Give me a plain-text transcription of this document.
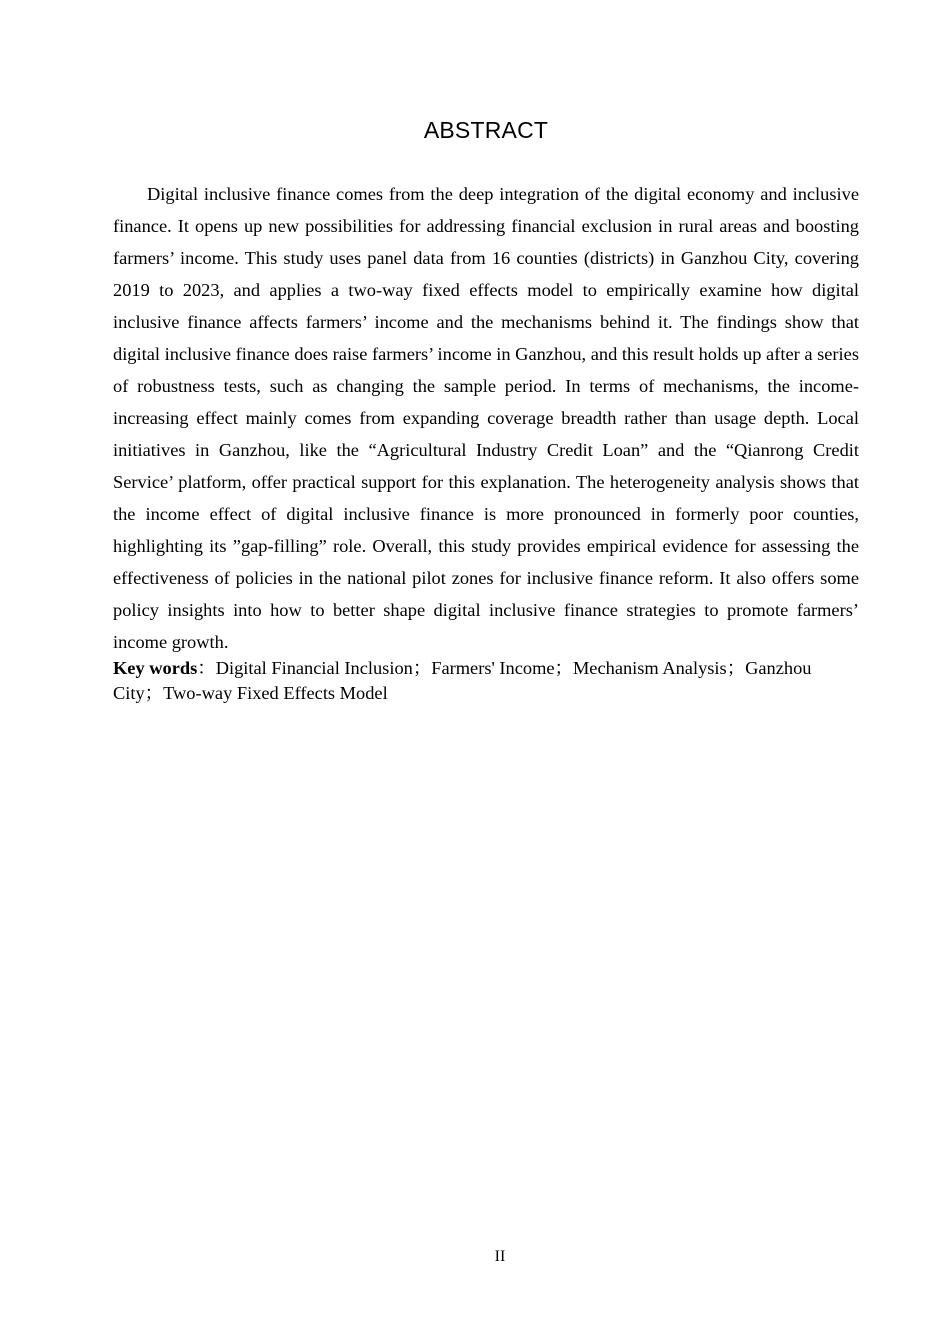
ABSTRACT

Digital inclusive finance comes from the deep integration of the digital economy and inclusive finance. It opens up new possibilities for addressing financial exclusion in rural areas and boosting farmers’ income. This study uses panel data from 16 counties (districts) in Ganzhou City, covering 2019 to 2023, and applies a two-way fixed effects model to empirically examine how digital inclusive finance affects farmers’ income and the mechanisms behind it. The findings show that digital inclusive finance does raise farmers’ income in Ganzhou, and this result holds up after a series of robustness tests, such as changing the sample period. In terms of mechanisms, the income-increasing effect mainly comes from expanding coverage breadth rather than usage depth. Local initiatives in Ganzhou, like the “Agricultural Industry Credit Loan” and the “Qianrong Credit Service’ platform, offer practical support for this explanation. The heterogeneity analysis shows that the income effect of digital inclusive finance is more pronounced in formerly poor counties, highlighting its ”gap-filling” role. Overall, this study provides empirical evidence for assessing the effectiveness of policies in the national pilot zones for inclusive finance reform. It also offers some policy insights into how to better shape digital inclusive finance strategies to promote farmers’ income growth.

Key words：Digital Financial Inclusion；Farmers' Income；Mechanism Analysis；Ganzhou City；Two-way Fixed Effects Model

II
